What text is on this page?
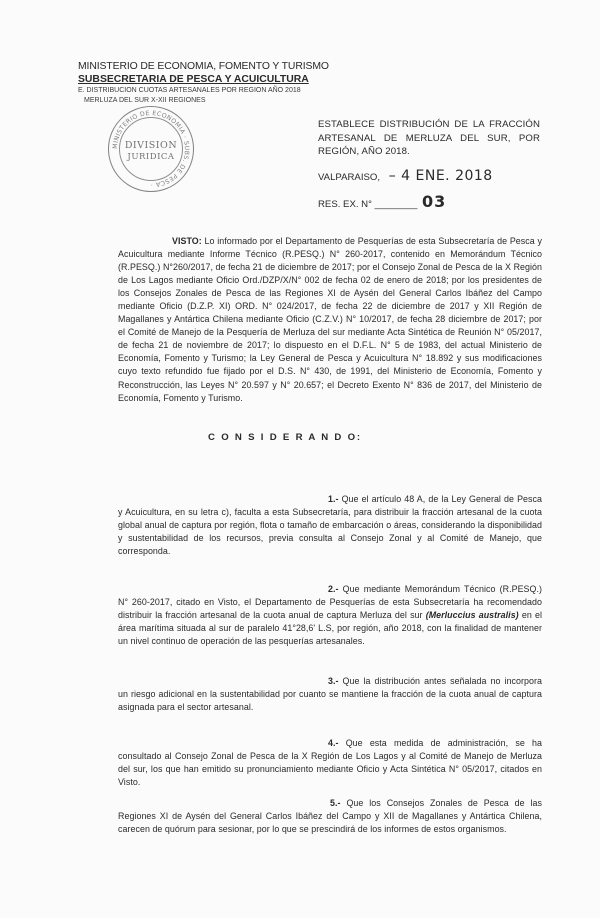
MINISTERIO DE ECONOMIA, FOMENTO Y TURISMO
SUBSECRETARIA DE PESCA Y ACUICULTURA
E. DISTRIBUCION CUOTAS ARTESANALES POR REGION AÑO 2018
MERLUZA DEL SUR X-XII REGIONES
MINISTERIO DE ECONOMIA · SUBS. DE PESCA ·
DIVISION
JURIDICA
ESTABLECE DISTRIBUCIÓN DE LA FRACCIÓN ARTESANAL DE MERLUZA DEL SUR, POR REGIÓN, AÑO 2018.
VALPARAISO, – 4 ENE. 2018
RES. EX. N° ________ 03
VISTO: Lo informado por el Departamento de Pesquerías de esta Subsecretaría de Pesca y Acuicultura mediante Informe Técnico (R.PESQ.) N° 260-2017, contenido en Memorándum Técnico (R.PESQ.) N°260/2017, de fecha 21 de diciembre de 2017; por el Consejo Zonal de Pesca de la X Región de Los Lagos mediante Oficio Ord./DZP/X/N° 002 de fecha 02 de enero de 2018; por los presidentes de los Consejos Zonales de Pesca de las Regiones XI de Aysén del General Carlos Ibáñez del Campo mediante Oficio (D.Z.P. XI) ORD. N° 024/2017, de fecha 22 de diciembre de 2017 y XII Región de Magallanes y Antártica Chilena mediante Oficio (C.Z.V.) N° 10/2017, de fecha 28 diciembre de 2017; por el Comité de Manejo de la Pesquería de Merluza del sur mediante Acta Sintética de Reunión N° 05/2017, de fecha 21 de noviembre de 2017; lo dispuesto en el D.F.L. N° 5 de 1983, del actual Ministerio de Economía, Fomento y Turismo; la Ley General de Pesca y Acuicultura N° 18.892 y sus modificaciones cuyo texto refundido fue fijado por el D.S. N° 430, de 1991, del Ministerio de Economía, Fomento y Reconstrucción, las Leyes N° 20.597 y N° 20.657; el Decreto Exento N° 836 de 2017, del Ministerio de Economía, Fomento y Turismo.
C O N S I D E R A N D O:
1.- Que el artículo 48 A, de la Ley General de Pesca y Acuicultura, en su letra c), faculta a esta Subsecretaría, para distribuir la fracción artesanal de la cuota global anual de captura por región, flota o tamaño de embarcación o áreas, considerando la disponibilidad y sustentabilidad de los recursos, previa consulta al Consejo Zonal y al Comité de Manejo, que corresponda.
2.- Que mediante Memorándum Técnico (R.PESQ.) N° 260-2017, citado en Visto, el Departamento de Pesquerías de esta Subsecretaría ha recomendado distribuir la fracción artesanal de la cuota anual de captura Merluza del sur (Merluccius australis) en el área marítima situada al sur de paralelo 41°28,6' L.S, por región, año 2018, con la finalidad de mantener un nivel continuo de operación de las pesquerías artesanales.
3.- Que la distribución antes señalada no incorpora un riesgo adicional en la sustentabilidad por cuanto se mantiene la fracción de la cuota anual de captura asignada para el sector artesanal.
4.- Que esta medida de administración, se ha consultado al Consejo Zonal de Pesca de la X Región de Los Lagos y al Comité de Manejo de Merluza del sur, los que han emitido su pronunciamiento mediante Oficio y Acta Sintética N° 05/2017, citados en Visto.
5.- Que los Consejos Zonales de Pesca de las Regiones XI de Aysén del General Carlos Ibáñez del Campo y XII de Magallanes y Antártica Chilena, carecen de quórum para sesionar, por lo que se prescindirá de los informes de estos organismos.
